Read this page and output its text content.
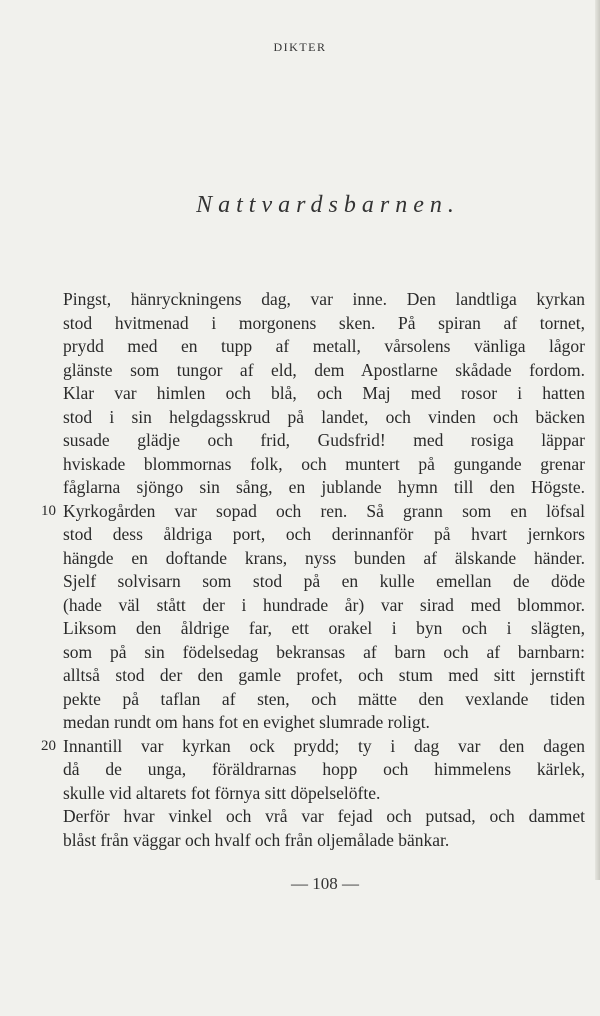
DIKTER
Nattvardsbarnen.
Pingst, hänryckningens dag, var inne. Den landtliga kyrkan
stod hvitmenad i morgonens sken. På spiran af tornet,
prydd med en tupp af metall, vårsolens vänliga lågor
glänste som tungor af eld, dem Apostlarne skådade fordom.
Klar var himlen och blå, och Maj med rosor i hatten
stod i sin helgdagsskrud på landet, och vinden och bäcken
susade glädje och frid, Gudsfrid! med rosiga läppar
hviskade blommornas folk, och muntert på gungande grenar
fåglarna sjöngo sin sång, en jublande hymn till den Högste.
10 Kyrkogården var sopad och ren. Så grann som en löfsal
stod dess åldriga port, och derinnanför på hvart jernkors
hängde en doftande krans, nyss bunden af älskande händer.
Sjelf solvisarn som stod på en kulle emellan de döde
(hade väl stått der i hundrade år) var sirad med blommor.
Liksom den åldrige far, ett orakel i byn och i slägten,
som på sin födelsedag bekransas af barn och af barnbarn:
alltså stod der den gamle profet, och stum med sitt jernstift
pekte på taflan af sten, och mätte den vexlande tiden
medan rundt om hans fot en evighet slumrade roligt.
20 Innantill var kyrkan ock prydd; ty i dag var den dagen
då de unga, föräldrarnas hopp och himmelens kärlek,
skulle vid altarets fot förnya sitt döpelselöfte.
Derför hvar vinkel och vrå var fejad och putsad, och dammet
blåst från väggar och hvalf och från oljemålade bänkar.
— 108 —
